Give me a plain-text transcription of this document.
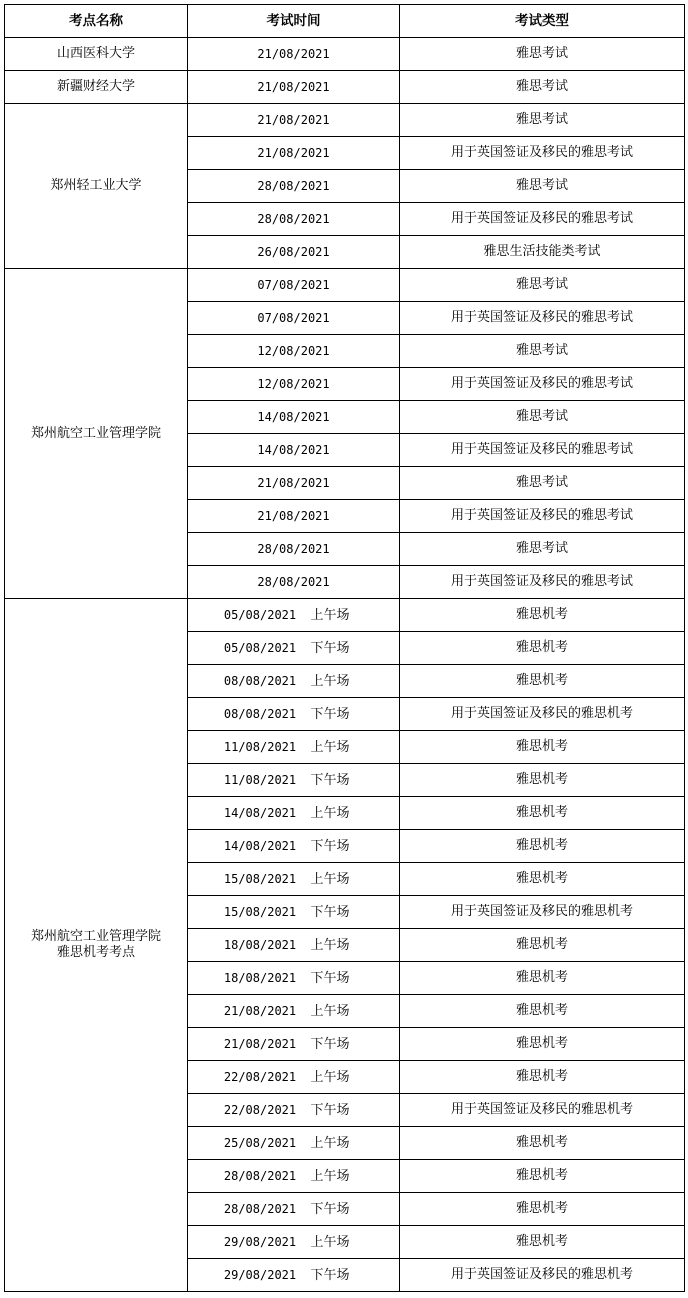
考点名称	考试时间	考试类型

山西医科大学	21/08/2021	雅思考试

新疆财经大学	21/08/2021	雅思考试

郑州轻工业大学	21/08/2021	雅思考试
	21/08/2021	用于英国签证及移民的雅思考试
	28/08/2021	雅思考试
	28/08/2021	用于英国签证及移民的雅思考试
	26/08/2021	雅思生活技能类考试

郑州航空工业管理学院	07/08/2021	雅思考试
	07/08/2021	用于英国签证及移民的雅思考试
	12/08/2021	雅思考试
	12/08/2021	用于英国签证及移民的雅思考试
	14/08/2021	雅思考试
	14/08/2021	用于英国签证及移民的雅思考试
	21/08/2021	雅思考试
	21/08/2021	用于英国签证及移民的雅思考试
	28/08/2021	雅思考试
	28/08/2021	用于英国签证及移民的雅思考试

郑州航空工业管理学院
雅思机考考点	05/08/2021 上午场	雅思机考
	05/08/2021 下午场	雅思机考
	08/08/2021 上午场	雅思机考
	08/08/2021 下午场	用于英国签证及移民的雅思机考
	11/08/2021 上午场	雅思机考
	11/08/2021 下午场	雅思机考
	14/08/2021 上午场	雅思机考
	14/08/2021 下午场	雅思机考
	15/08/2021 上午场	雅思机考
	15/08/2021 下午场	用于英国签证及移民的雅思机考
	18/08/2021 上午场	雅思机考
	18/08/2021 下午场	雅思机考
	21/08/2021 上午场	雅思机考
	21/08/2021 下午场	雅思机考
	22/08/2021 上午场	雅思机考
	22/08/2021 下午场	用于英国签证及移民的雅思机考
	25/08/2021 上午场	雅思机考
	28/08/2021 上午场	雅思机考
	28/08/2021 下午场	雅思机考
	29/08/2021 上午场	雅思机考
	29/08/2021 下午场	用于英国签证及移民的雅思机考
